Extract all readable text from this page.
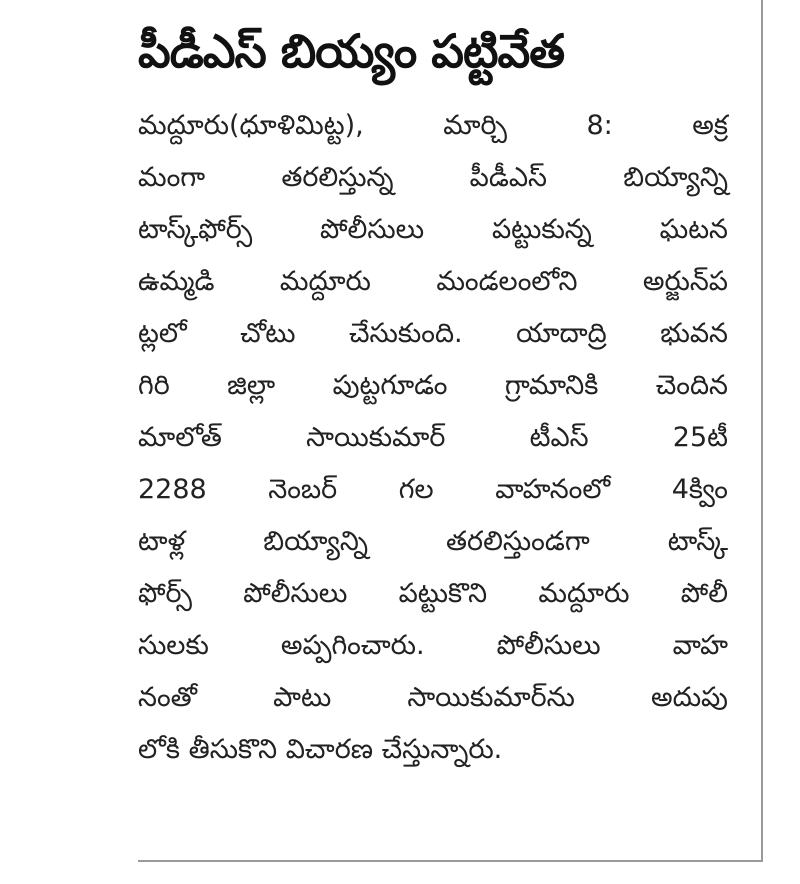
పీడీఎస్ బియ్యం పట్టివేత
మద్దూరు(ధూళిమిట్ట), మార్చి 8: అక్ర
మంగా తరలిస్తున్న పీడీఎస్ బియ్యాన్ని
టాస్క్‌ఫోర్స్ పోలీసులు పట్టుకున్న ఘటన
ఉమ్మడి మద్దూరు మండలంలోని అర్జున్‌ప
ట్లలో చోటు చేసుకుంది. యాదాద్రి భువన
గిరి జిల్లా పుట్టగూడం గ్రామానికి చెందిన
మాలోత్ సాయికుమార్ టీఎస్ 25టీ
2288 నెంబర్ గల వాహనంలో 4క్విం
టాళ్ల బియ్యాన్ని తరలిస్తుండగా టాస్క్
ఫోర్స్ పోలీసులు పట్టుకొని మద్దూరు పోలీ
సులకు అప్పగించారు. పోలీసులు వాహ
నంతో పాటు సాయికుమార్‌ను అదుపు
లోకి తీసుకొని విచారణ చేస్తున్నారు.
